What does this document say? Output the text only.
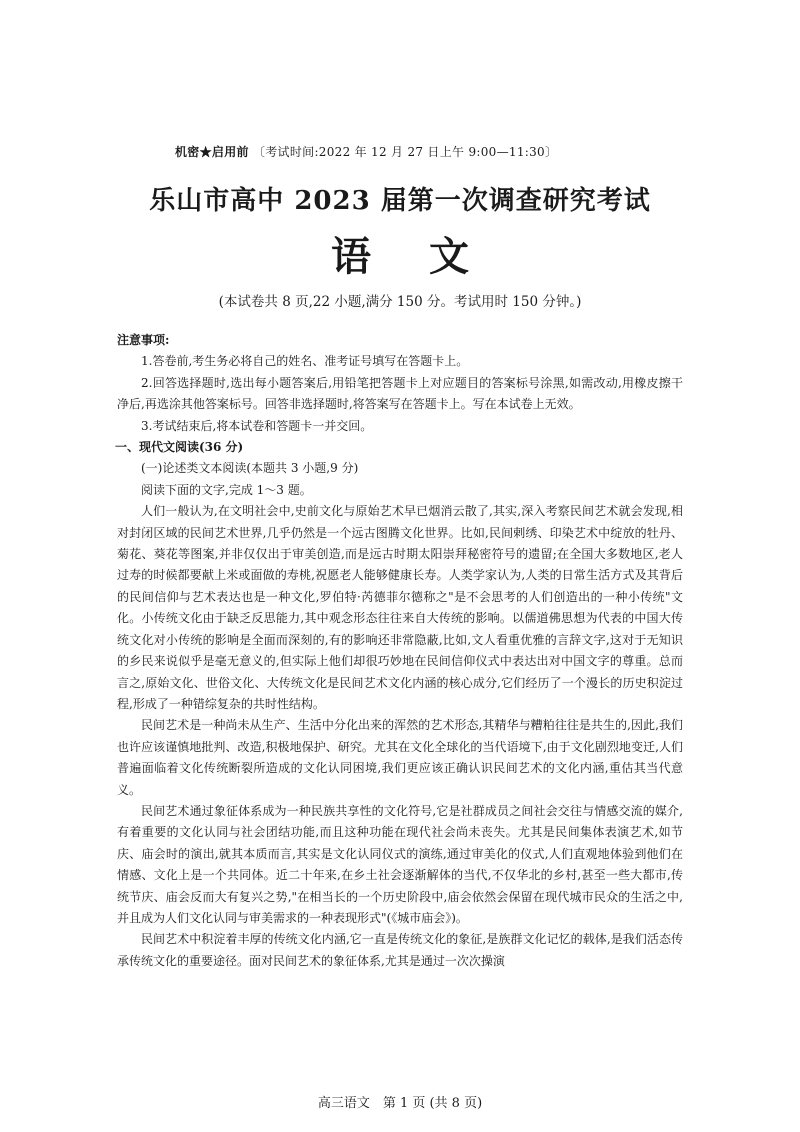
机密★启用前 〔考试时间:2022 年 12 月 27 日上午 9:00—11:30〕
乐山市高中 2023 届第一次调查研究考试
语文
(本试卷共 8 页,22 小题,满分 150 分。考试用时 150 分钟。)

注意事项:

1.答卷前,考生务必将自己的姓名、准考证号填写在答题卡上。

2.回答选择题时,选出每小题答案后,用铅笔把答题卡上对应题目的答案标号涂黑,如需改动,用橡皮擦干净后,再选涂其他答案标号。回答非选择题时,将答案写在答题卡上。写在本试卷上无效。

3.考试结束后,将本试卷和答题卡一并交回。

一、现代文阅读(36 分)

(一)论述类文本阅读(本题共 3 小题,9 分)

阅读下面的文字,完成 1～3 题。

人们一般认为,在文明社会中,史前文化与原始艺术早已烟消云散了,其实,深入考察民间艺术就会发现,相对封闭区域的民间艺术世界,几乎仍然是一个远古图腾文化世界。比如,民间剌绣、印染艺术中绽放的牡丹、菊花、葵花等图案,并非仅仅出于审美创造,而是远古时期太阳崇拜秘密符号的遗留;在全国大多数地区,老人过寿的时候都要献上米或面做的寿桃,祝愿老人能够健康长寿。人类学家认为,人类的日常生活方式及其背后的民间信仰与艺术表达也是一种文化,罗伯特·芮德菲尔德称之"是不会思考的人们创造出的一种小传统"文化。小传统文化由于缺乏反思能力,其中观念形态往往来自大传统的影响。以儒道佛思想为代表的中国大传统文化对小传统的影响是全面而深刻的,有的影响还非常隐蔽,比如,文人看重优雅的言辞文字,这对于无知识的乡民来说似乎是毫无意义的,但实际上他们却很巧妙地在民间信仰仪式中表达出对中国文字的尊重。总而言之,原始文化、世俗文化、大传统文化是民间艺术文化内涵的核心成分,它们经历了一个漫长的历史积淀过程,形成了一种错综复杂的共时性结构。

民间艺术是一种尚未从生产、生活中分化出来的浑然的艺术形态,其精华与糟粕往往是共生的,因此,我们也许应该谨慎地批判、改造,积极地保护、研究。尤其在文化全球化的当代语境下,由于文化剧烈地变迁,人们普遍面临着文化传统断裂所造成的文化认同困境,我们更应该正确认识民间艺术的文化内涵,重估其当代意义。

民间艺术通过象征体系成为一种民族共享性的文化符号,它是社群成员之间社会交往与情感交流的媒介,有着重要的文化认同与社会团结功能,而且这种功能在现代社会尚未丧失。尤其是民间集体表演艺术,如节庆、庙会时的演出,就其本质而言,其实是文化认同仪式的演练,通过审美化的仪式,人们直观地体验到他们在情感、文化上是一个共同体。近二十年来,在乡土社会逐渐解体的当代,不仅华北的乡村,甚至一些大都市,传统节庆、庙会反而大有复兴之势,"在相当长的一个历史阶段中,庙会依然会保留在现代城市民众的生活之中,并且成为人们文化认同与审美需求的一种表现形式"(《城市庙会》)。

民间艺术中积淀着丰厚的传统文化内涵,它一直是传统文化的象征,是族群文化记忆的载体,是我们活态传承传统文化的重要途径。面对民间艺术的象征体系,尤其是通过一次次操演

高三语文　第 1 页 (共 8 页)
